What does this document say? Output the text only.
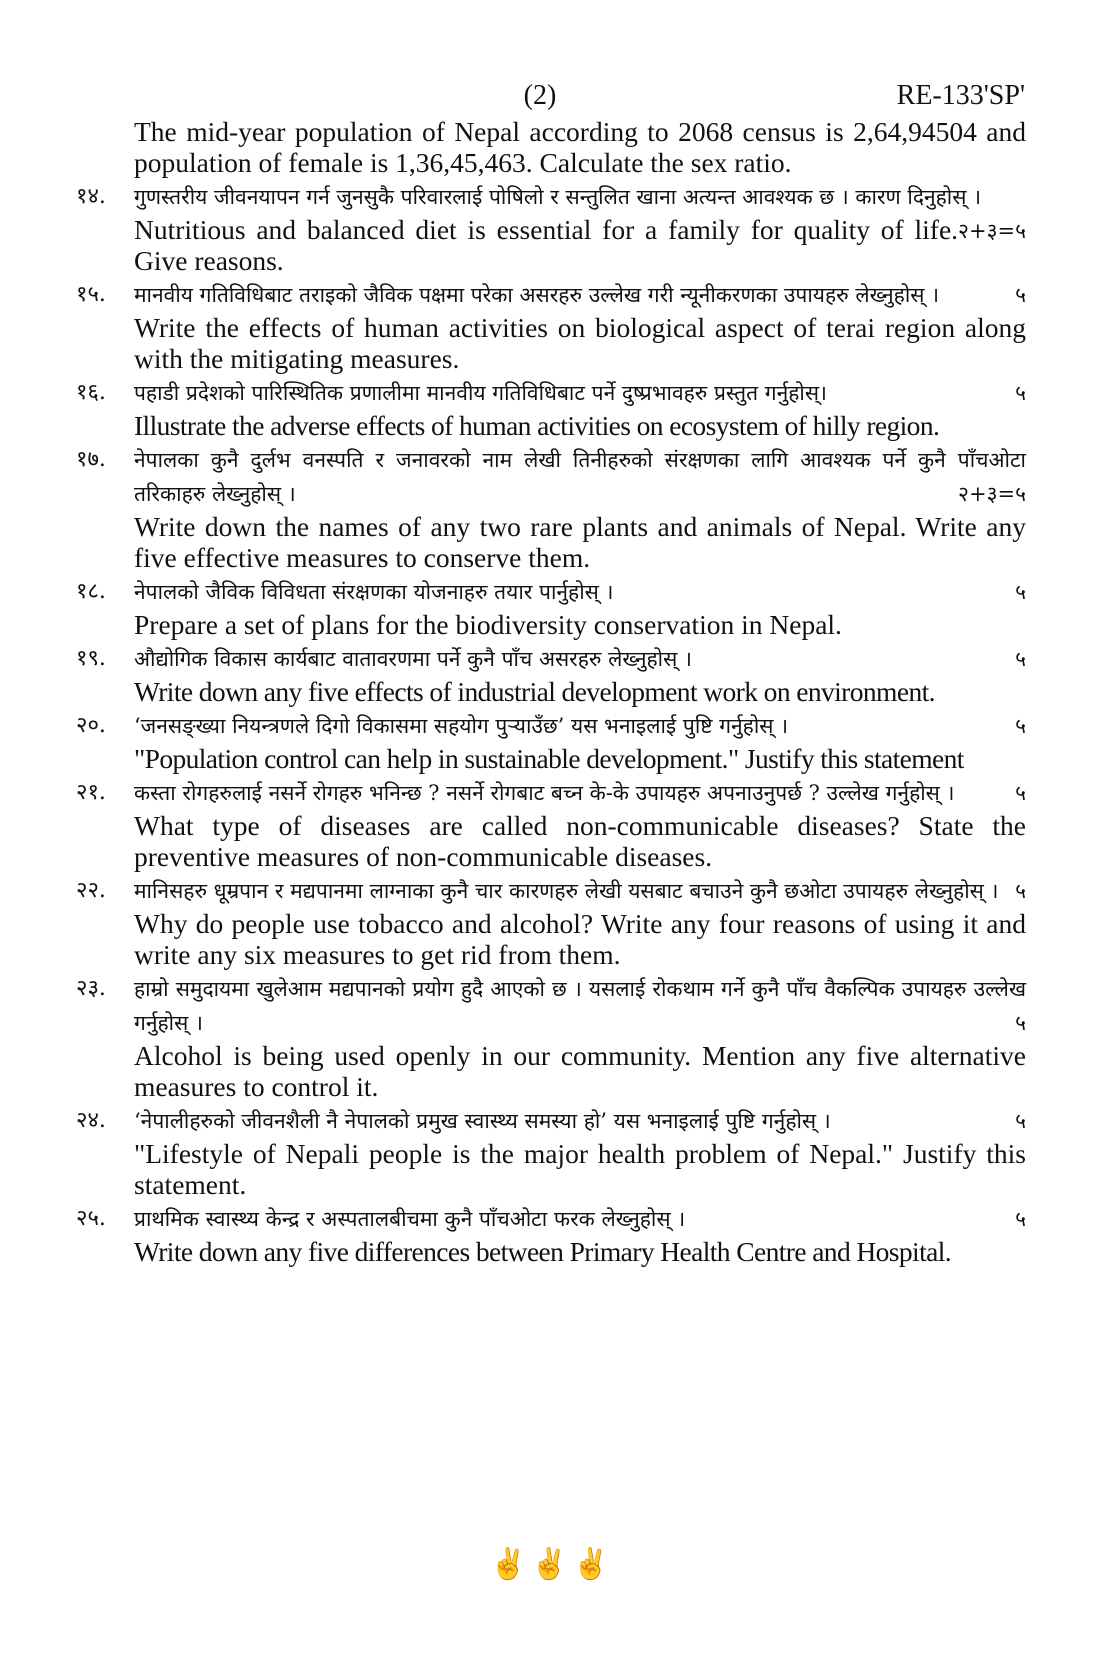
(2)	RE-133'SP'
The mid-year population of Nepal according to 2068 census is 2,64,94504 and population of female is 1,36,45,463. Calculate the sex ratio.
१४. गुणस्तरीय जीवनयापन गर्न जुनसुकै परिवारलाई पोषिलो र सन्तुलित खाना अत्यन्त आवश्यक छ । कारण दिनुहोस् ।
२+३=५
Nutritious and balanced diet is essential for a family for quality of life. Give reasons.
१५. मानवीय गतिविधिबाट तराइको जैविक पक्षमा परेका असरहरु उल्लेख गरी न्यूनीकरणका उपायहरु लेख्नुहोस् ।	५
Write the effects of human activities on biological aspect of terai region along with the mitigating measures.
१६. पहाडी प्रदेशको पारिस्थितिक प्रणालीमा मानवीय गतिविधिबाट पर्ने दुष्प्रभावहरु प्रस्तुत गर्नुहोस्।	५
Illustrate the adverse effects of human activities on ecosystem of hilly region.
१७. नेपालका कुनै दुर्लभ वनस्पति र जनावरको नाम लेखी तिनीहरुको संरक्षणका लागि आवश्यक पर्ने कुनै पाँचओटा तरिकाहरु लेख्नुहोस् ।	२+३=५
Write down the names of any two rare plants and animals of Nepal. Write any five effective measures to conserve them.
१८. नेपालको जैविक विविधता संरक्षणका योजनाहरु तयार पार्नुहोस् ।	५
Prepare a set of plans for the biodiversity conservation in Nepal.
१९. औद्योगिक विकास कार्यबाट वातावरणमा पर्ने कुनै पाँच असरहरु लेख्नुहोस् ।	५
Write down any five effects of industrial development work on environment.
२०. ‘जनसङ्ख्या नियन्त्रणले दिगो विकासमा सहयोग पुर्‍याउँछ’ यस भनाइलाई पुष्टि गर्नुहोस् ।	५
"Population control can help in sustainable development." Justify this statement
२१. कस्ता रोगहरुलाई नसर्ने रोगहरु भनिन्छ ? नसर्ने रोगबाट बच्न के-के उपायहरु अपनाउनुपर्छ ? उल्लेख गर्नुहोस् ।	५
What type of diseases are called non-communicable diseases? State the preventive measures of non-communicable diseases.
२२. मानिसहरु धूम्रपान र मद्यपानमा लाग्नाका कुनै चार कारणहरु लेखी यसबाट बचाउने कुनै छओटा उपायहरु लेख्नुहोस् । ५
Why do people use tobacco and alcohol? Write any four reasons of using it and write any six measures to get rid from them.
२३. हाम्रो समुदायमा खुलेआम मद्यपानको प्रयोग हुदै आएको छ । यसलाई रोकथाम गर्ने कुनै पाँच वैकल्पिक उपायहरु उल्लेख गर्नुहोस् ।	५
Alcohol is being used openly in our community. Mention any five alternative measures to control it.
२४. ‘नेपालीहरुको जीवनशैली नै नेपालको प्रमुख स्वास्थ्य समस्या हो’ यस भनाइलाई पुष्टि गर्नुहोस् ।	५
"Lifestyle of Nepali people is the major health problem of Nepal." Justify this statement.
२५. प्राथमिक स्वास्थ्य केन्द्र र अस्पतालबीचमा कुनै पाँचओटा फरक लेख्नुहोस् ।	५
Write down any five differences between Primary Health Centre and Hospital.
✌✌✌
